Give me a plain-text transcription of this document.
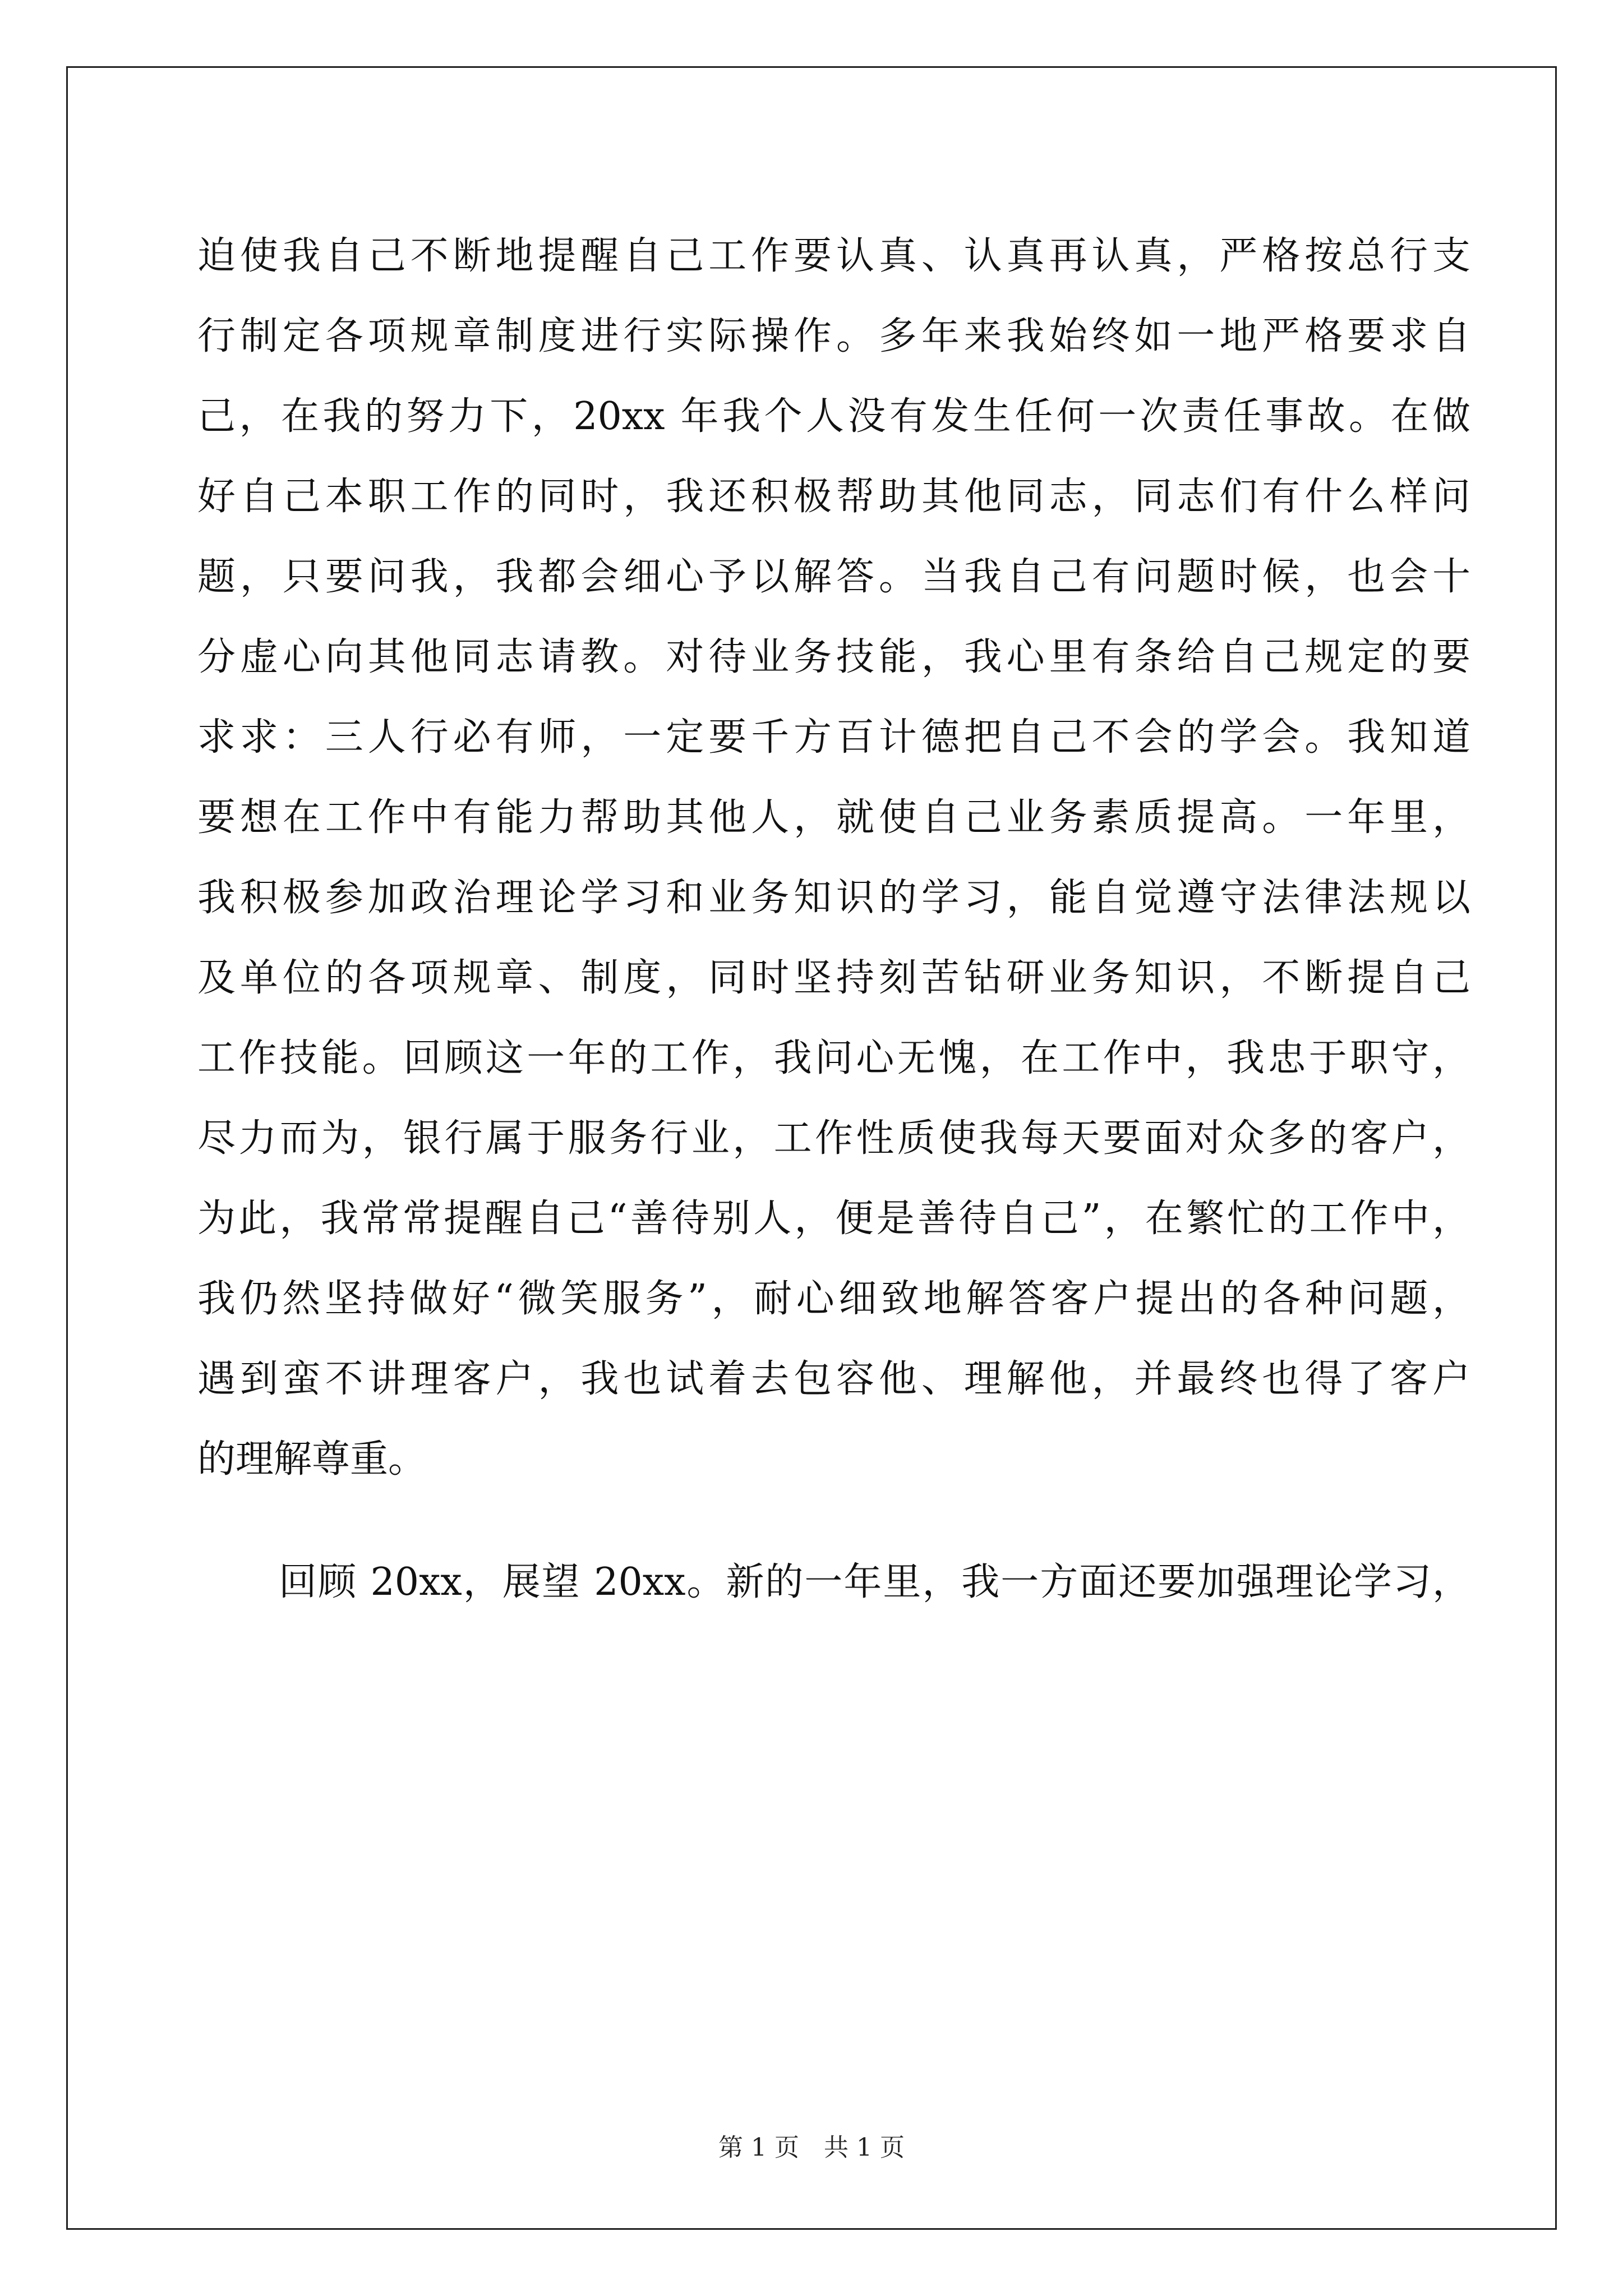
迫使我自己不断地提醒自己工作要认真、认真再认真，严格按总行支
行制定各项规章制度进行实际操作。多年来我始终如一地严格要求自
己，在我的努力下，20xx 年我个人没有发生任何一次责任事故。在做
好自己本职工作的同时，我还积极帮助其他同志，同志们有什么样问
题，只要问我，我都会细心予以解答。当我自己有问题时候，也会十
分虚心向其他同志请教。对待业务技能，我心里有条给自己规定的要
求求：三人行必有师，一定要千方百计德把自己不会的学会。我知道
要想在工作中有能力帮助其他人，就使自己业务素质提高。一年里，
我积极参加政治理论学习和业务知识的学习，能自觉遵守法律法规以
及单位的各项规章、制度，同时坚持刻苦钻研业务知识，不断提自己
工作技能。回顾这一年的工作，我问心无愧，在工作中，我忠于职守，
尽力而为，银行属于服务行业，工作性质使我每天要面对众多的客户，
为此，我常常提醒自己“善待别人，便是善待自己”，在繁忙的工作中，
我仍然坚持做好“微笑服务”，耐心细致地解答客户提出的各种问题，
遇到蛮不讲理客户，我也试着去包容他、理解他，并最终也得了客户
的理解尊重。
回顾 20xx，展望 20xx。新的一年里，我一方面还要加强理论学习，
第 1 页　共 1 页
